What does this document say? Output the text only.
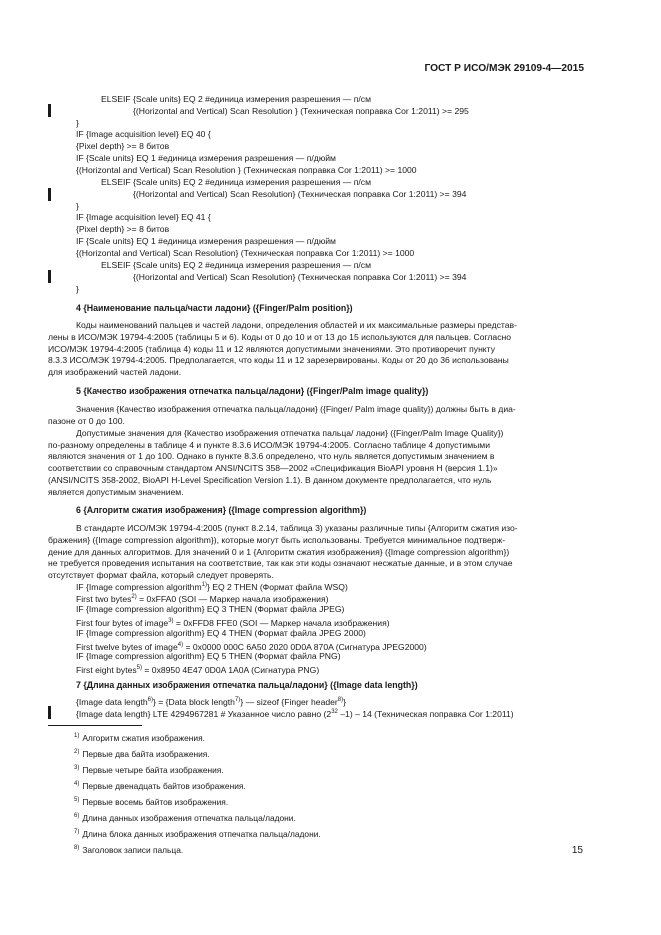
ГОСТ Р ИСО/МЭК 29109-4—2015
ELSEIF {Scale units} EQ 2 #единица измерения разрешения — п/см
{(Horizontal and Vertical) Scan Resolution } (Техническая поправка Cor 1:2011) >= 295
}
IF {Image acquisition level} EQ 40 {
{Pixel depth} >= 8 битов
IF {Scale units} EQ 1 #единица измерения разрешения — п/дюйм
{(Horizontal and Vertical) Scan Resolution } (Техническая поправка Cor 1:2011) >= 1000
ELSEIF {Scale units} EQ 2 #единица измерения разрешения — п/см
{(Horizontal and Vertical) Scan Resolution} (Техническая поправка Cor 1:2011) >= 394
}
IF {Image acquisition level} EQ 41 {
{Pixel depth} >= 8 битов
IF {Scale units} EQ 1 #единица измерения разрешения — п/дюйм
{(Horizontal and Vertical) Scan Resolution} (Техническая поправка Cor 1:2011) >= 1000
ELSEIF {Scale units} EQ 2 #единица измерения разрешения — п/см
{(Horizontal and Vertical) Scan Resolution} (Техническая поправка Cor 1:2011) >= 394
}
4 {Наименование пальца/части ладони} ({Finger/Palm position})
Коды наименований пальцев и частей ладони, определения областей и их максимальные размеры представ-
лены в ИСО/МЭК 19794-4:2005 (таблицы 5 и 6). Коды от 0 до 10 и от 13 до 15 используются для пальцев. Согласно
ИСО/МЭК 19794-4:2005 (таблица 4) коды 11 и 12 являются допустимыми значениями. Это противоречит пункту
8.3.3 ИСО/МЭК 19794-4:2005. Предполагается, что коды 11 и 12 зарезервированы. Коды от 20 до 36 использованы
для изображений частей ладони.
5 {Качество изображения отпечатка пальца/ладони} ({Finger/Palm image quality})
Значения {Качество изображения отпечатка пальца/ладони} ({Finger/ Palm image quality}) должны быть в диа-
пазоне от 0 до 100.
Допустимые значения для {Качество изображения отпечатка пальца/ ладони} ({Finger/Palm Image Quality})
по-разному определены в таблице 4 и пункте 8.3.6 ИСО/МЭК 19794-4:2005. Согласно таблице 4 допустимыми
являются значения от 1 до 100. Однако в пункте 8.3.6 определено, что нуль является допустимым значением в
соответствии со справочным стандартом ANSI/NCITS 358—2002 «Спецификация BioAPI уровня H (версия 1.1)»
(ANSI/NCITS 358-2002, BioAPI H-Level Specification Version 1.1). В данном документе предполагается, что нуль
является допустимым значением.
6 {Алгоритм сжатия изображения} ({Image compression algorithm})
В стандарте ИСО/МЭК 19794-4:2005 (пункт 8.2.14, таблица 3) указаны различные типы {Алгоритм сжатия изо-
бражения} ({Image compression algorithm}), которые могут быть использованы. Требуется минимальное подтверж-
дение для данных алгоритмов. Для значений 0 и 1 {Алгоритм сжатия изображения} ({Image compression algorithm})
не требуется проведения испытания на соответствие, так как эти коды означают несжатые данные, и в этом случае
отсутствует формат файла, который следует проверять.
IF {Image compression algorithm$^{1)}$} EQ 2 THEN (Формат файла WSQ)
First two bytes$^{2)}$ = 0xFFA0 (SOI — Маркер начала изображения)
IF {Image compression algorithm} EQ 3 THEN (Формат файла JPEG)
First four bytes of image$^{3)}$ = 0xFFD8 FFE0 (SOI — Маркер начала изображения)
IF {Image compression algorithm} EQ 4 THEN (Формат файла JPEG 2000)
First twelve bytes of image$^{4)}$ = 0x0000 000C 6A50 2020 0D0A 870A (Сигнатура JPEG2000)
IF {Image compression algorithm} EQ 5 THEN (Формат файла PNG)
First eight bytes$^{5)}$ = 0x8950 4E47 0D0A 1A0A (Сигнатура PNG)
7 {Длина данных изображения отпечатка пальца/ладони} ({Image data length})
{Image data length$^{6)}$} = {Data block length$^{7)}$} — sizeof {Finger header$^{8)}$}
{Image data length} LTE 4294967281 # Указанное число равно ($2^{32}$ –1) – 14 (Техническая поправка Cor 1:2011)
$^{1)}$ Алгоритм сжатия изображения.
$^{2)}$ Первые два байта изображения.
$^{3)}$ Первые четыре байта изображения.
$^{4)}$ Первые двенадцать байтов изображения.
$^{5)}$ Первые восемь байтов изображения.
$^{6)}$ Длина данных изображения отпечатка пальца/ладони.
$^{7)}$ Длина блока данных изображения отпечатка пальца/ладони.
$^{8)}$ Заголовок записи пальца.	15
